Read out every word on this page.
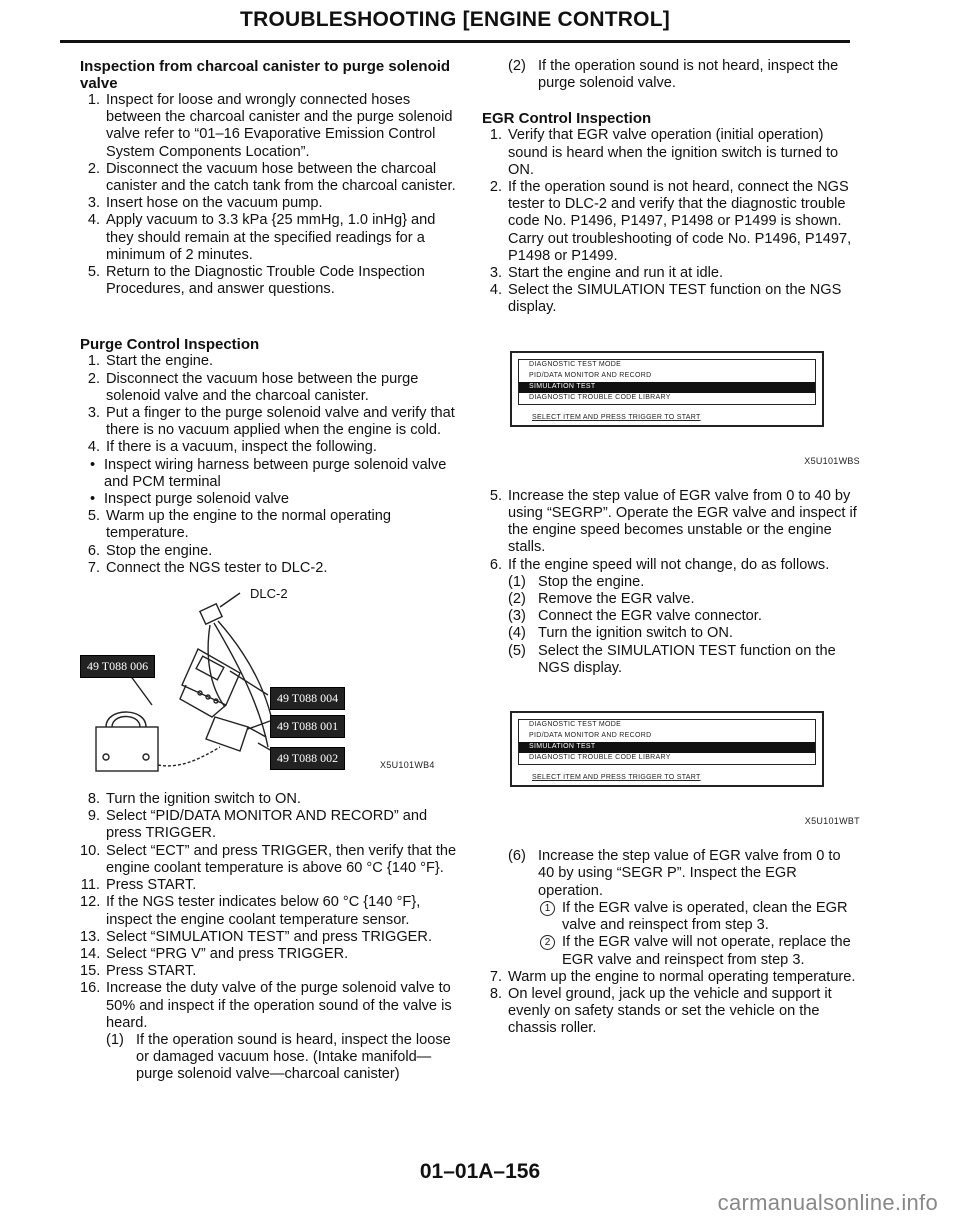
TROUBLESHOOTING [ENGINE CONTROL]
Inspection from charcoal canister to purge solenoid valve
1. Inspect for loose and wrongly connected hoses between the charcoal canister and the purge solenoid valve refer to “01–16 Evaporative Emission Control System Components Location”.
2. Disconnect the vacuum hose between the charcoal canister and the catch tank from the charcoal canister.
3. Insert hose on the vacuum pump.
4. Apply vacuum to 3.3 kPa {25 mmHg, 1.0 inHg} and they should remain at the specified readings for a minimum of 2 minutes.
5. Return to the Diagnostic Trouble Code Inspection Procedures, and answer questions.
Purge Control Inspection
1. Start the engine.
2. Disconnect the vacuum hose between the purge solenoid valve and the charcoal canister.
3. Put a finger to the purge solenoid valve and verify that there is no vacuum applied when the engine is cold.
4. If there is a vacuum, inspect the following.
• Inspect wiring harness between purge solenoid valve and PCM terminal
• Inspect purge solenoid valve
5. Warm up the engine to the normal operating temperature.
6. Stop the engine.
7. Connect the NGS tester to DLC-2.
DLC-2
49 T088 006
49 T088 004
49 T088 001
49 T088 002	X5U101WB4
8. Turn the ignition switch to ON.
9. Select “PID/DATA MONITOR AND RECORD” and press TRIGGER.
10. Select “ECT” and press TRIGGER, then verify that the engine coolant temperature is above 60 °C {140 °F}.
11. Press START.
12. If the NGS tester indicates below 60 °C {140 °F}, inspect the engine coolant temperature sensor.
13. Select “SIMULATION TEST” and press TRIGGER.
14. Select “PRG V” and press TRIGGER.
15. Press START.
16. Increase the duty valve of the purge solenoid valve to 50% and inspect if the operation sound of the valve is heard.
(1) If the operation sound is heard, inspect the loose or damaged vacuum hose. (Intake manifold—purge solenoid valve—charcoal canister)
(2) If the operation sound is not heard, inspect the purge solenoid valve.
EGR Control Inspection
1. Verify that EGR valve operation (initial operation) sound is heard when the ignition switch is turned to ON.
2. If the operation sound is not heard, connect the NGS tester to DLC-2 and verify that the diagnostic trouble code No. P1496, P1497, P1498 or P1499 is shown. Carry out troubleshooting of code No. P1496, P1497, P1498 or P1499.
3. Start the engine and run it at idle.
4. Select the SIMULATION TEST function on the NGS display.
DIAGNOSTIC TEST MODE
PID/DATA MONITOR AND RECORD
SIMULATION TEST
DIAGNOSTIC TROUBLE CODE LIBRARY
SELECT ITEM AND PRESS TRIGGER TO START
X5U101WBS
5. Increase the step value of EGR valve from 0 to 40 by using “SEGRP”. Operate the EGR valve and inspect if the engine speed becomes unstable or the engine stalls.
6. If the engine speed will not change, do as follows.
(1) Stop the engine.
(2) Remove the EGR valve.
(3) Connect the EGR valve connector.
(4) Turn the ignition switch to ON.
(5) Select the SIMULATION TEST function on the NGS display.
DIAGNOSTIC TEST MODE
PID/DATA MONITOR AND RECORD
SIMULATION TEST
DIAGNOSTIC TROUBLE CODE LIBRARY
SELECT ITEM AND PRESS TRIGGER TO START
X5U101WBT
(6) Increase the step value of EGR valve from 0 to 40 by using “SEGR P”. Inspect the EGR operation.
1 If the EGR valve is operated, clean the EGR valve and reinspect from step 3.
2 If the EGR valve will not operate, replace the EGR valve and reinspect from step 3.
7. Warm up the engine to normal operating temperature.
8. On level ground, jack up the vehicle and support it evenly on safety stands or set the vehicle on the chassis roller.
01–01A–156
carmanualsonline.info
